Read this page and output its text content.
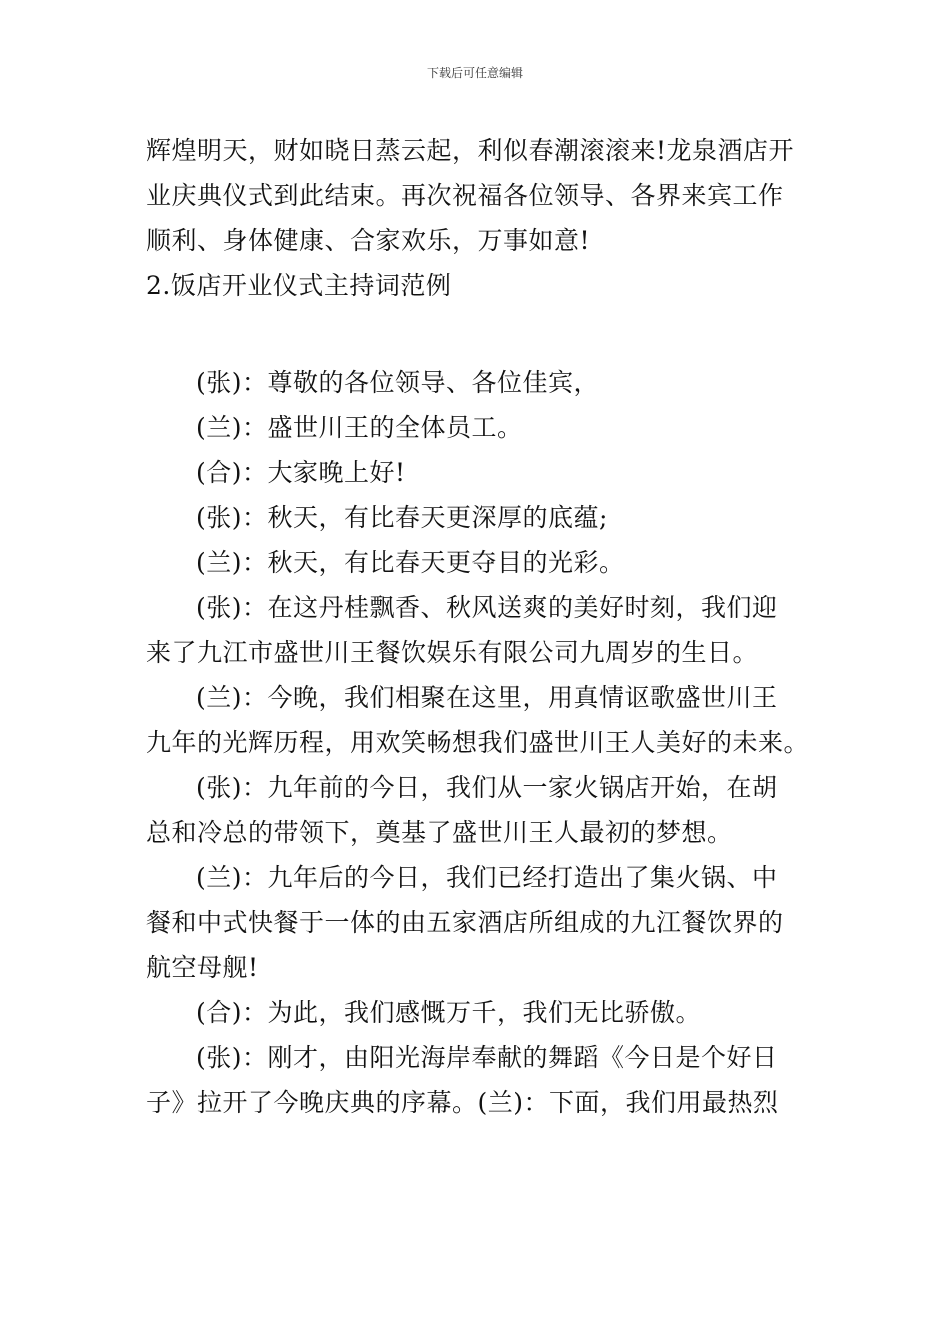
下载后可任意编辑
辉煌明天，财如晓日蒸云起，利似春潮滚滚来!龙泉酒店开
业庆典仪式到此结束。再次祝福各位领导、各界来宾工作
顺利、身体健康、合家欢乐，万事如意!
2.饭店开业仪式主持词范例
(张)：尊敬的各位领导、各位佳宾，
(兰)：盛世川王的全体员工。
(合)：大家晚上好!
(张)：秋天，有比春天更深厚的底蕴;
(兰)：秋天，有比春天更夺目的光彩。
(张)：在这丹桂飘香、秋风送爽的美好时刻，我们迎
来了九江市盛世川王餐饮娱乐有限公司九周岁的生日。
(兰)：今晚，我们相聚在这里，用真情讴歌盛世川王
九年的光辉历程，用欢笑畅想我们盛世川王人美好的未来。
(张)：九年前的今日，我们从一家火锅店开始，在胡
总和冷总的带领下，奠基了盛世川王人最初的梦想。
(兰)：九年后的今日，我们已经打造出了集火锅、中
餐和中式快餐于一体的由五家酒店所组成的九江餐饮界的
航空母舰!
(合)：为此，我们感慨万千，我们无比骄傲。
(张)：刚才，由阳光海岸奉献的舞蹈《今日是个好日
子》拉开了今晚庆典的序幕。(兰)：下面，我们用最热烈
